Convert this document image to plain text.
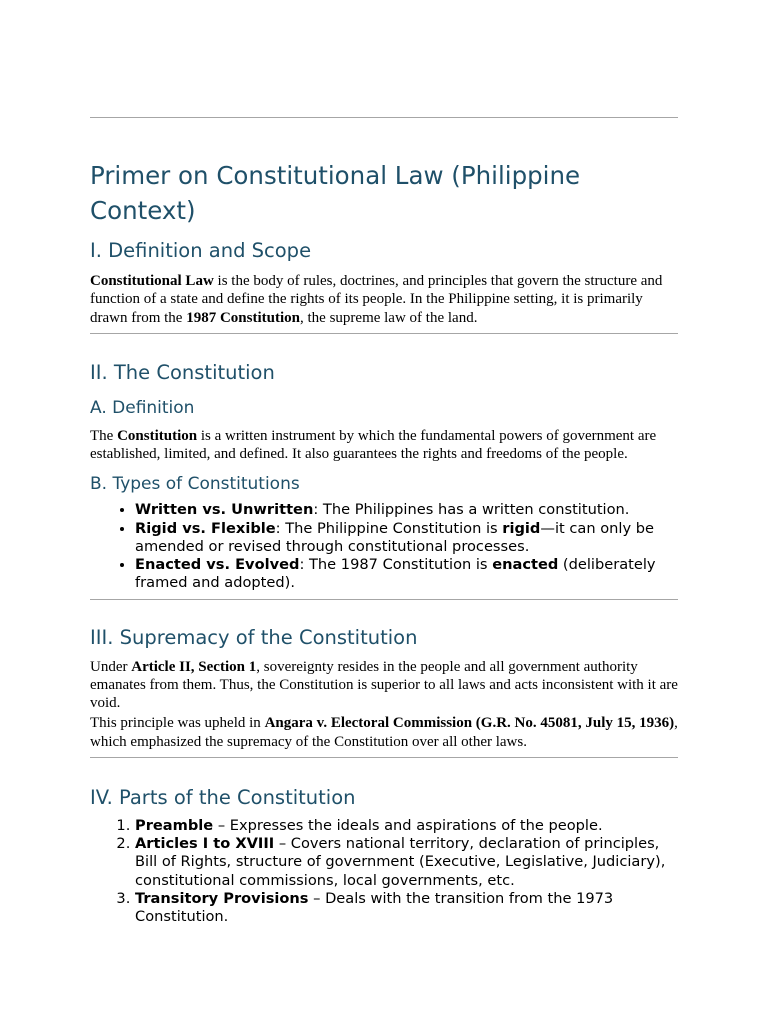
Primer on Constitutional Law (Philippine Context)
I. Definition and Scope

Constitutional Law is the body of rules, doctrines, and principles that govern the structure and function of a state and define the rights of its people. In the Philippine setting, it is primarily drawn from the 1987 Constitution, the supreme law of the land.

II. The Constitution
A. Definition

The Constitution is a written instrument by which the fundamental powers of government are established, limited, and defined. It also guarantees the rights and freedoms of the people.

B. Types of Constitutions
• Written vs. Unwritten: The Philippines has a written constitution.
• Rigid vs. Flexible: The Philippine Constitution is rigid—it can only be amended or revised through constitutional processes.
• Enacted vs. Evolved: The 1987 Constitution is enacted (deliberately framed and adopted).
III. Supremacy of the Constitution

Under Article II, Section 1, sovereignty resides in the people and all government authority emanates from them. Thus, the Constitution is superior to all laws and acts inconsistent with it are void.

This principle was upheld in Angara v. Electoral Commission (G.R. No. 45081, July 15, 1936), which emphasized the supremacy of the Constitution over all other laws.

IV. Parts of the Constitution
1. Preamble – Expresses the ideals and aspirations of the people.
2. Articles I to XVIII – Covers national territory, declaration of principles, Bill of Rights, structure of government (Executive, Legislative, Judiciary), constitutional commissions, local governments, etc.
3. Transitory Provisions – Deals with the transition from the 1973 Constitution.
